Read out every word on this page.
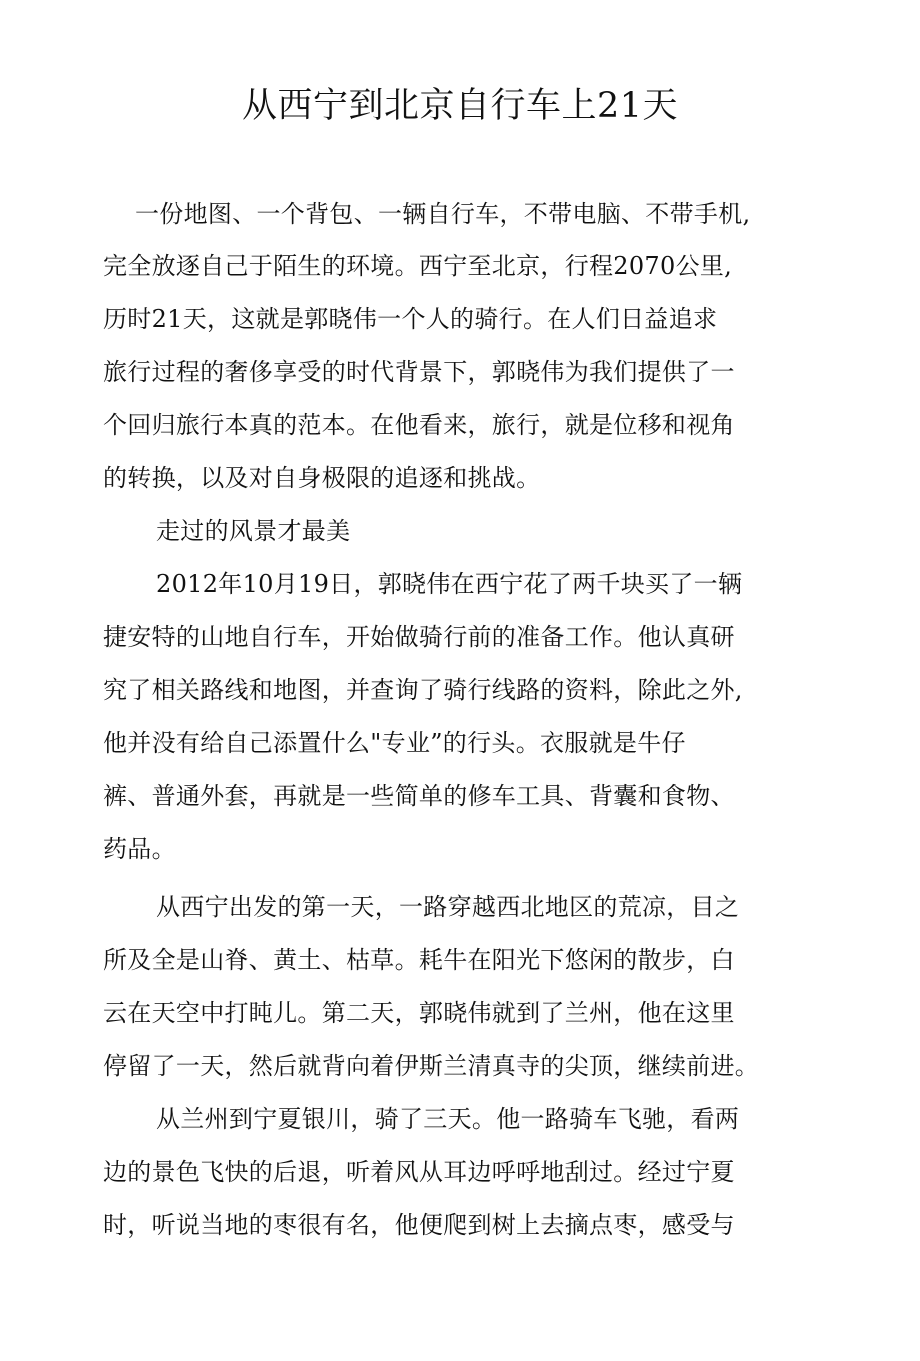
从西宁到北京自行车上21天
一份地图、一个背包、一辆自行车，不带电脑、不带手机,
完全放逐自己于陌生的环境。西宁至北京，行程2070公里,
历时21天，这就是郭晓伟一个人的骑行。在人们日益追求
旅行过程的奢侈享受的时代背景下，郭晓伟为我们提供了一
个回归旅行本真的范本。在他看来，旅行，就是位移和视角
的转换，以及对自身极限的追逐和挑战。
走过的风景才最美
2012年10月19日，郭晓伟在西宁花了两千块买了一辆
捷安特的山地自行车，开始做骑行前的准备工作。他认真研
究了相关路线和地图，并查询了骑行线路的资料，除此之外,
他并没有给自己添置什么"专业”的行头。衣服就是牛仔
裤、普通外套，再就是一些简单的修车工具、背囊和食物、
药品。
从西宁出发的第一天，一路穿越西北地区的荒凉，目之
所及全是山脊、黄土、枯草。耗牛在阳光下悠闲的散步，白
云在天空中打盹儿。第二天，郭晓伟就到了兰州，他在这里
停留了一天，然后就背向着伊斯兰清真寺的尖顶，继续前进。
从兰州到宁夏银川，骑了三天。他一路骑车飞驰，看两
边的景色飞快的后退，听着风从耳边呼呼地刮过。经过宁夏
时，听说当地的枣很有名，他便爬到树上去摘点枣，感受与
